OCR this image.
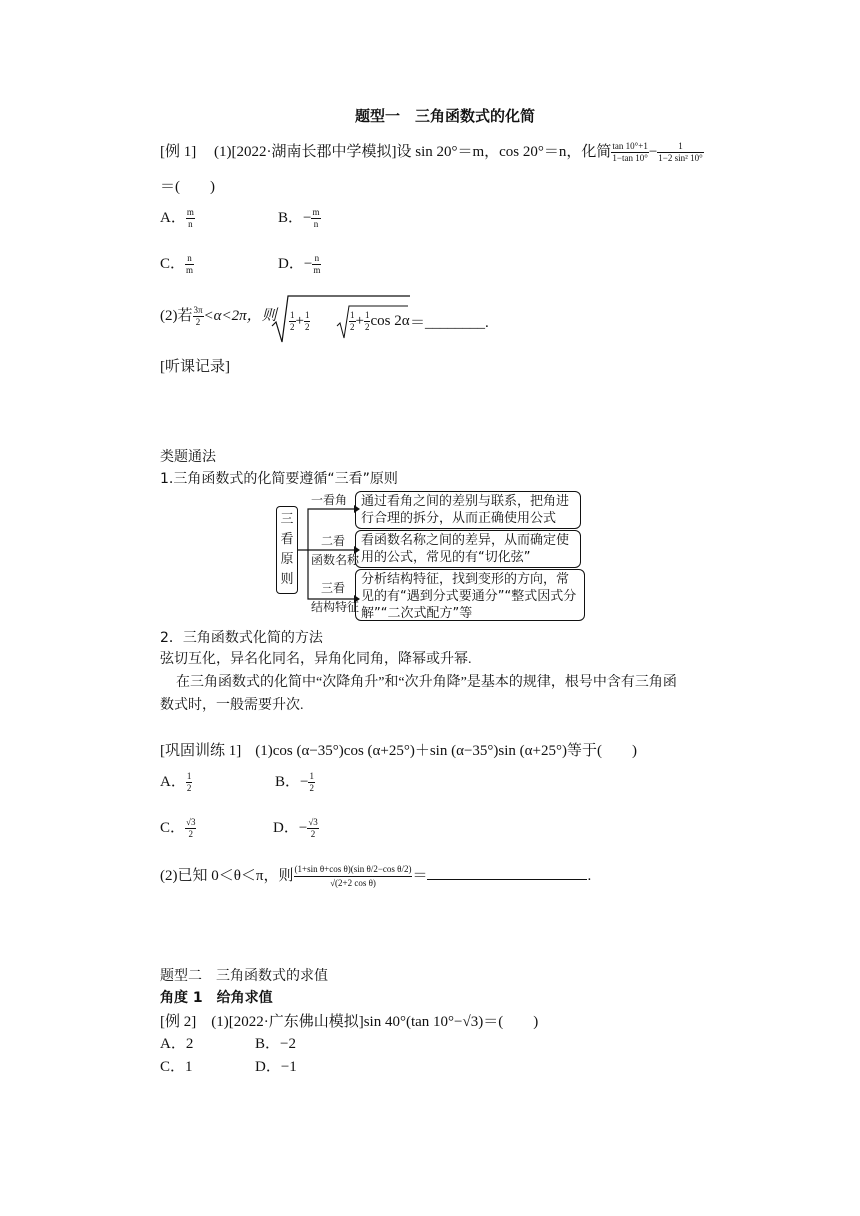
题型一　三角函数式的化简
[例 1] (1)[2022·湖南长郡中学模拟]设 sin 20°＝m，cos 20°＝n，化简 $\frac{\tan 10^\circ+1}{1-\tan 10^\circ} - \frac{1}{\text{1−2 sin² 10°}}$
＝(　　)
A． $\frac{m}{n}$	B．− $\frac{m}{n}$
C． $\frac{n}{m}$	D．− $\frac{n}{m}$
(2)若 $\frac{3\pi}{2} <\alpha<2\pi$，则 $\frac{1}{2} + \frac{1}{2}$	$\frac{1}{2} + \frac{1}{2}$ cos 2α ＝________.
[听课记录]
类题通法
1.三角函数式的化简要遵循“三看”原则
三
看
原
则
一看角
二看
函数名称
三看
结构特征
通过看角之间的差别与联系，把角进行合理的拆分，从而正确使用公式
看函数名称之间的差异，从而确定使用的公式，常见的有“切化弦”
分析结构特征，找到变形的方向，常见的有“遇到分式要通分”“整式因式分解”“二次式配方”等
2．三角函数式化简的方法
弦切互化，异名化同名，异角化同角，降幂或升幂.
在三角函数式的化简中“次降角升”和“次升角降”是基本的规律，根号中含有三角函
数式时，一般需要升次.
[巩固训练 1] (1)cos (α−35°)cos (α+25°)＋sin (α−35°)sin (α+25°)等于(　　)
A． $\frac{1}{2}$	B．− $\frac{1}{2}$
C． $\frac{√3}{2}$	D．− $\frac{√3}{2}$
(2)已知 0＜θ＜π，则 $\frac{\text{(1+sin θ+cos θ)(sin θ/2−cos θ/2)}}{\text{√(2+2 cos θ)}}$ ＝	.
题型二　三角函数式的求值
角度 1　给角求值
[例 2]　(1)[2022·广东佛山模拟]sin 40°(tan 10°−√3)＝(　　)
A．2	B．−2
C．1	D．−1
